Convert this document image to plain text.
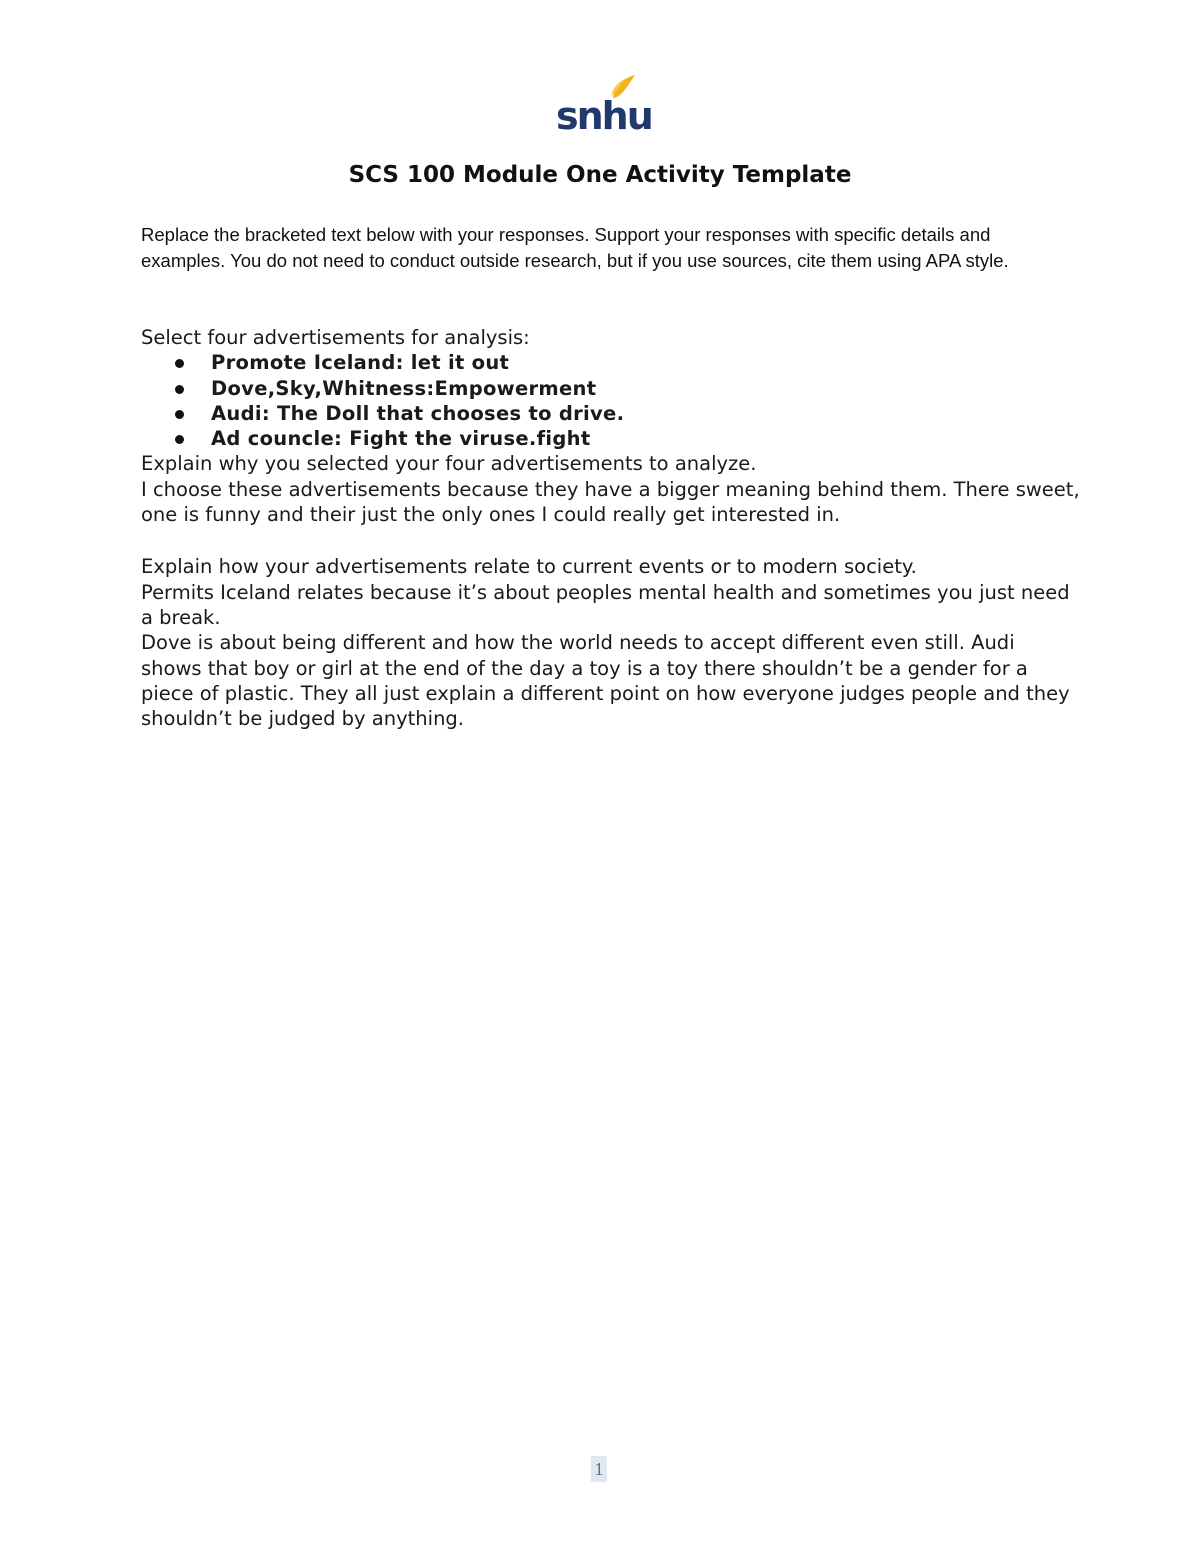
snhu
SCS 100 Module One Activity Template

Replace the bracketed text below with your responses. Support your responses with specific details and examples. You do not need to conduct outside research, but if you use sources, cite them using APA style.

Select four advertisements for analysis:

Promote Iceland: let it out
Dove,Sky,Whitness:Empowerment
Audi: The Doll that chooses to drive.
Ad councle: Fight the viruse.fight

Explain why you selected your four advertisements to analyze.

I choose these advertisements because they have a bigger meaning behind them. There sweet, one is funny and their just the only ones I could really get interested in.

Explain how your advertisements relate to current events or to modern society.

Permits Iceland relates because it’s about peoples mental health and sometimes you just need a break.

Dove is about being different and how the world needs to accept different even still. Audi shows that boy or girl at the end of the day a toy is a toy there shouldn’t be a gender for a piece of plastic. They all just explain a different point on how everyone judges people and they shouldn’t be judged by anything.

1
